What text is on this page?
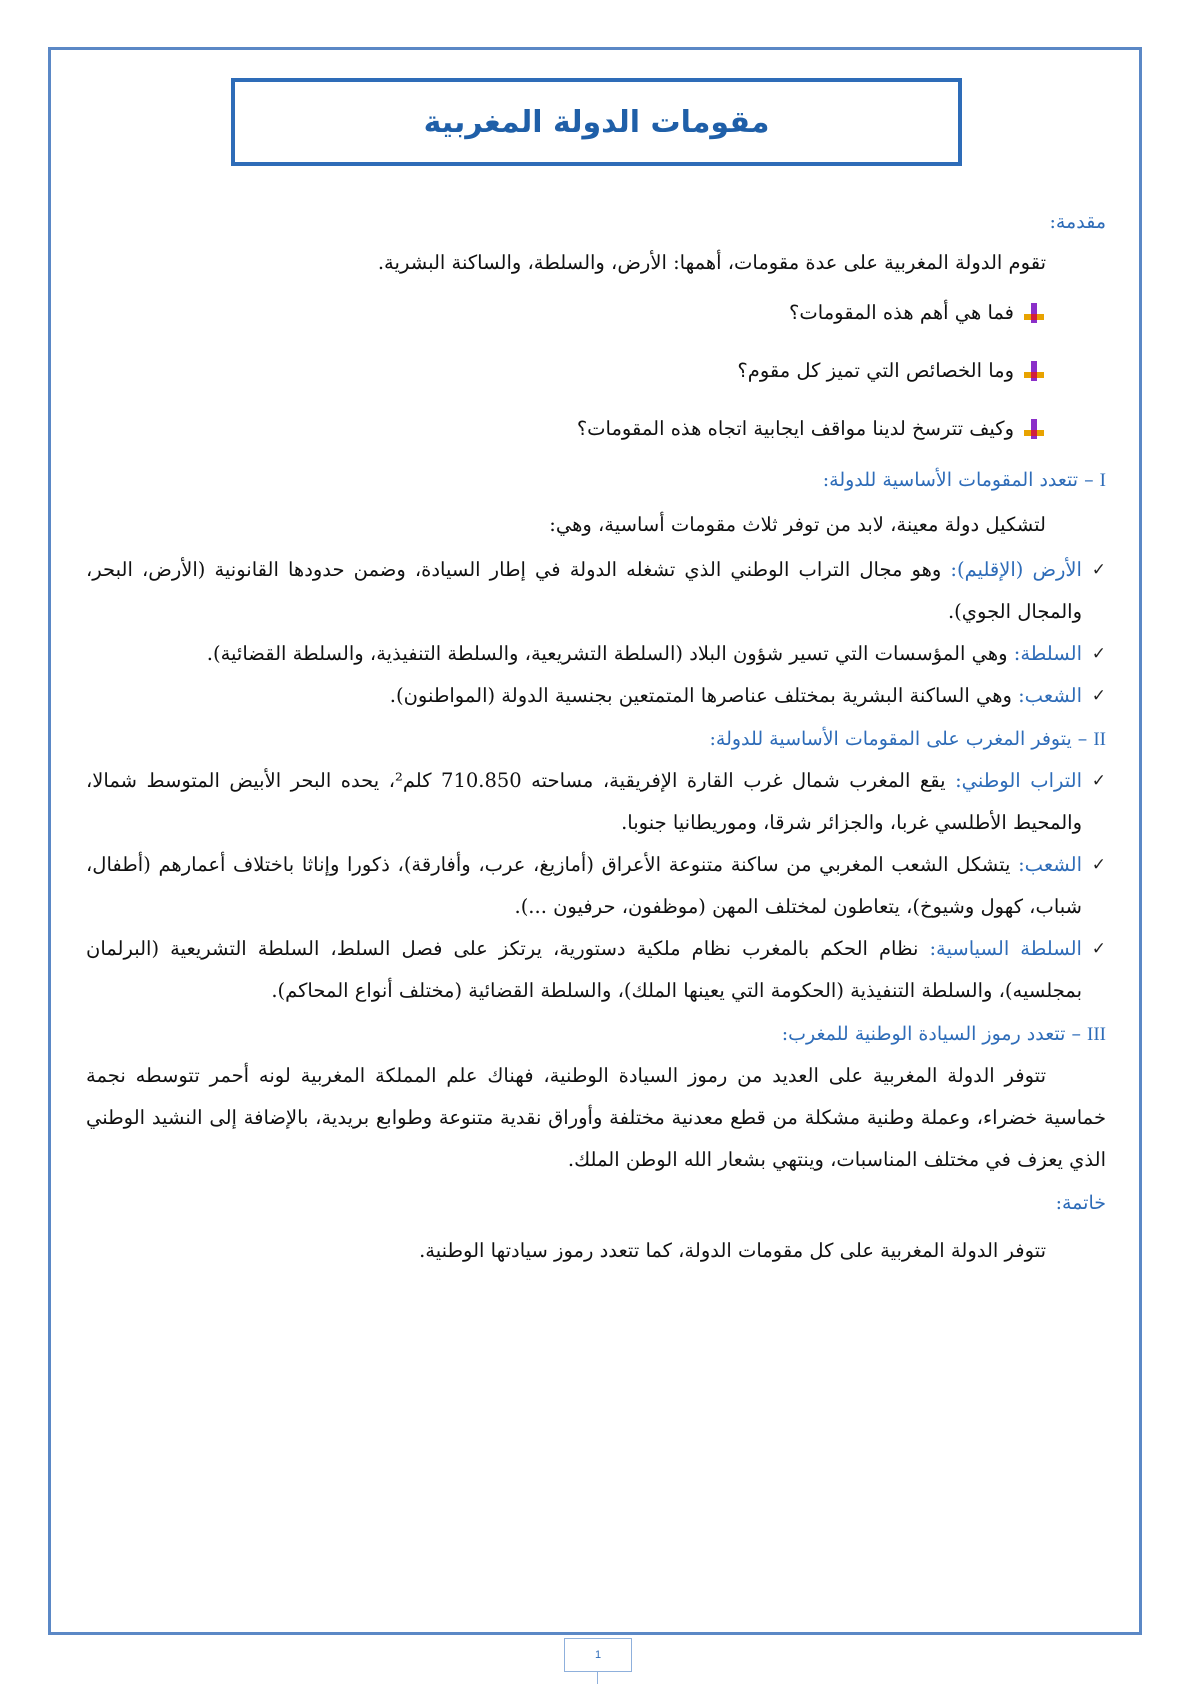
مقومات الدولة المغربية
مقدمة:
تقوم الدولة المغربية على عدة مقومات، أهمها: الأرض، والسلطة، والساكنة البشرية.
فما هي أهم هذه المقومات؟
وما الخصائص التي تميز كل مقوم؟
وكيف تترسخ لدينا مواقف ايجابية اتجاه هذه المقومات؟
I – تتعدد المقومات الأساسية للدولة:
لتشكيل دولة معينة، لابد من توفر ثلاث مقومات أساسية، وهي:
✓
الأرض (الإقليم): وهو مجال التراب الوطني الذي تشغله الدولة في إطار السيادة، وضمن حدودها القانونية (الأرض، البحر، والمجال الجوي).
✓
السلطة: وهي المؤسسات التي تسير شؤون البلاد (السلطة التشريعية، والسلطة التنفيذية، والسلطة القضائية).
✓
الشعب: وهي الساكنة البشرية بمختلف عناصرها المتمتعين بجنسية الدولة (المواطنون).
II – يتوفر المغرب على المقومات الأساسية للدولة:
✓
التراب الوطني: يقع المغرب شمال غرب القارة الإفريقية، مساحته 710.850 كلم²، يحده البحر الأبيض المتوسط شمالا، والمحيط الأطلسي غربا، والجزائر شرقا، وموريطانيا جنوبا.
✓
الشعب: يتشكل الشعب المغربي من ساكنة متنوعة الأعراق (أمازيغ، عرب، وأفارقة)، ذكورا وإناثا باختلاف أعمارهم (أطفال، شباب، كهول وشيوخ)، يتعاطون لمختلف المهن (موظفون، حرفيون ...).
✓
السلطة السياسية: نظام الحكم بالمغرب نظام ملكية دستورية، يرتكز على فصل السلط، السلطة التشريعية (البرلمان بمجلسيه)، والسلطة التنفيذية (الحكومة التي يعينها الملك)، والسلطة القضائية (مختلف أنواع المحاكم).
III – تتعدد رموز السيادة الوطنية للمغرب:
تتوفر الدولة المغربية على العديد من رموز السيادة الوطنية، فهناك علم المملكة المغربية لونه أحمر تتوسطه نجمة خماسية خضراء، وعملة وطنية مشكلة من قطع معدنية مختلفة وأوراق نقدية متنوعة وطوابع بريدية، بالإضافة إلى النشيد الوطني الذي يعزف في مختلف المناسبات، وينتهي بشعار الله الوطن الملك.
خاتمة:
تتوفر الدولة المغربية على كل مقومات الدولة، كما تتعدد رموز سيادتها الوطنية.
1
